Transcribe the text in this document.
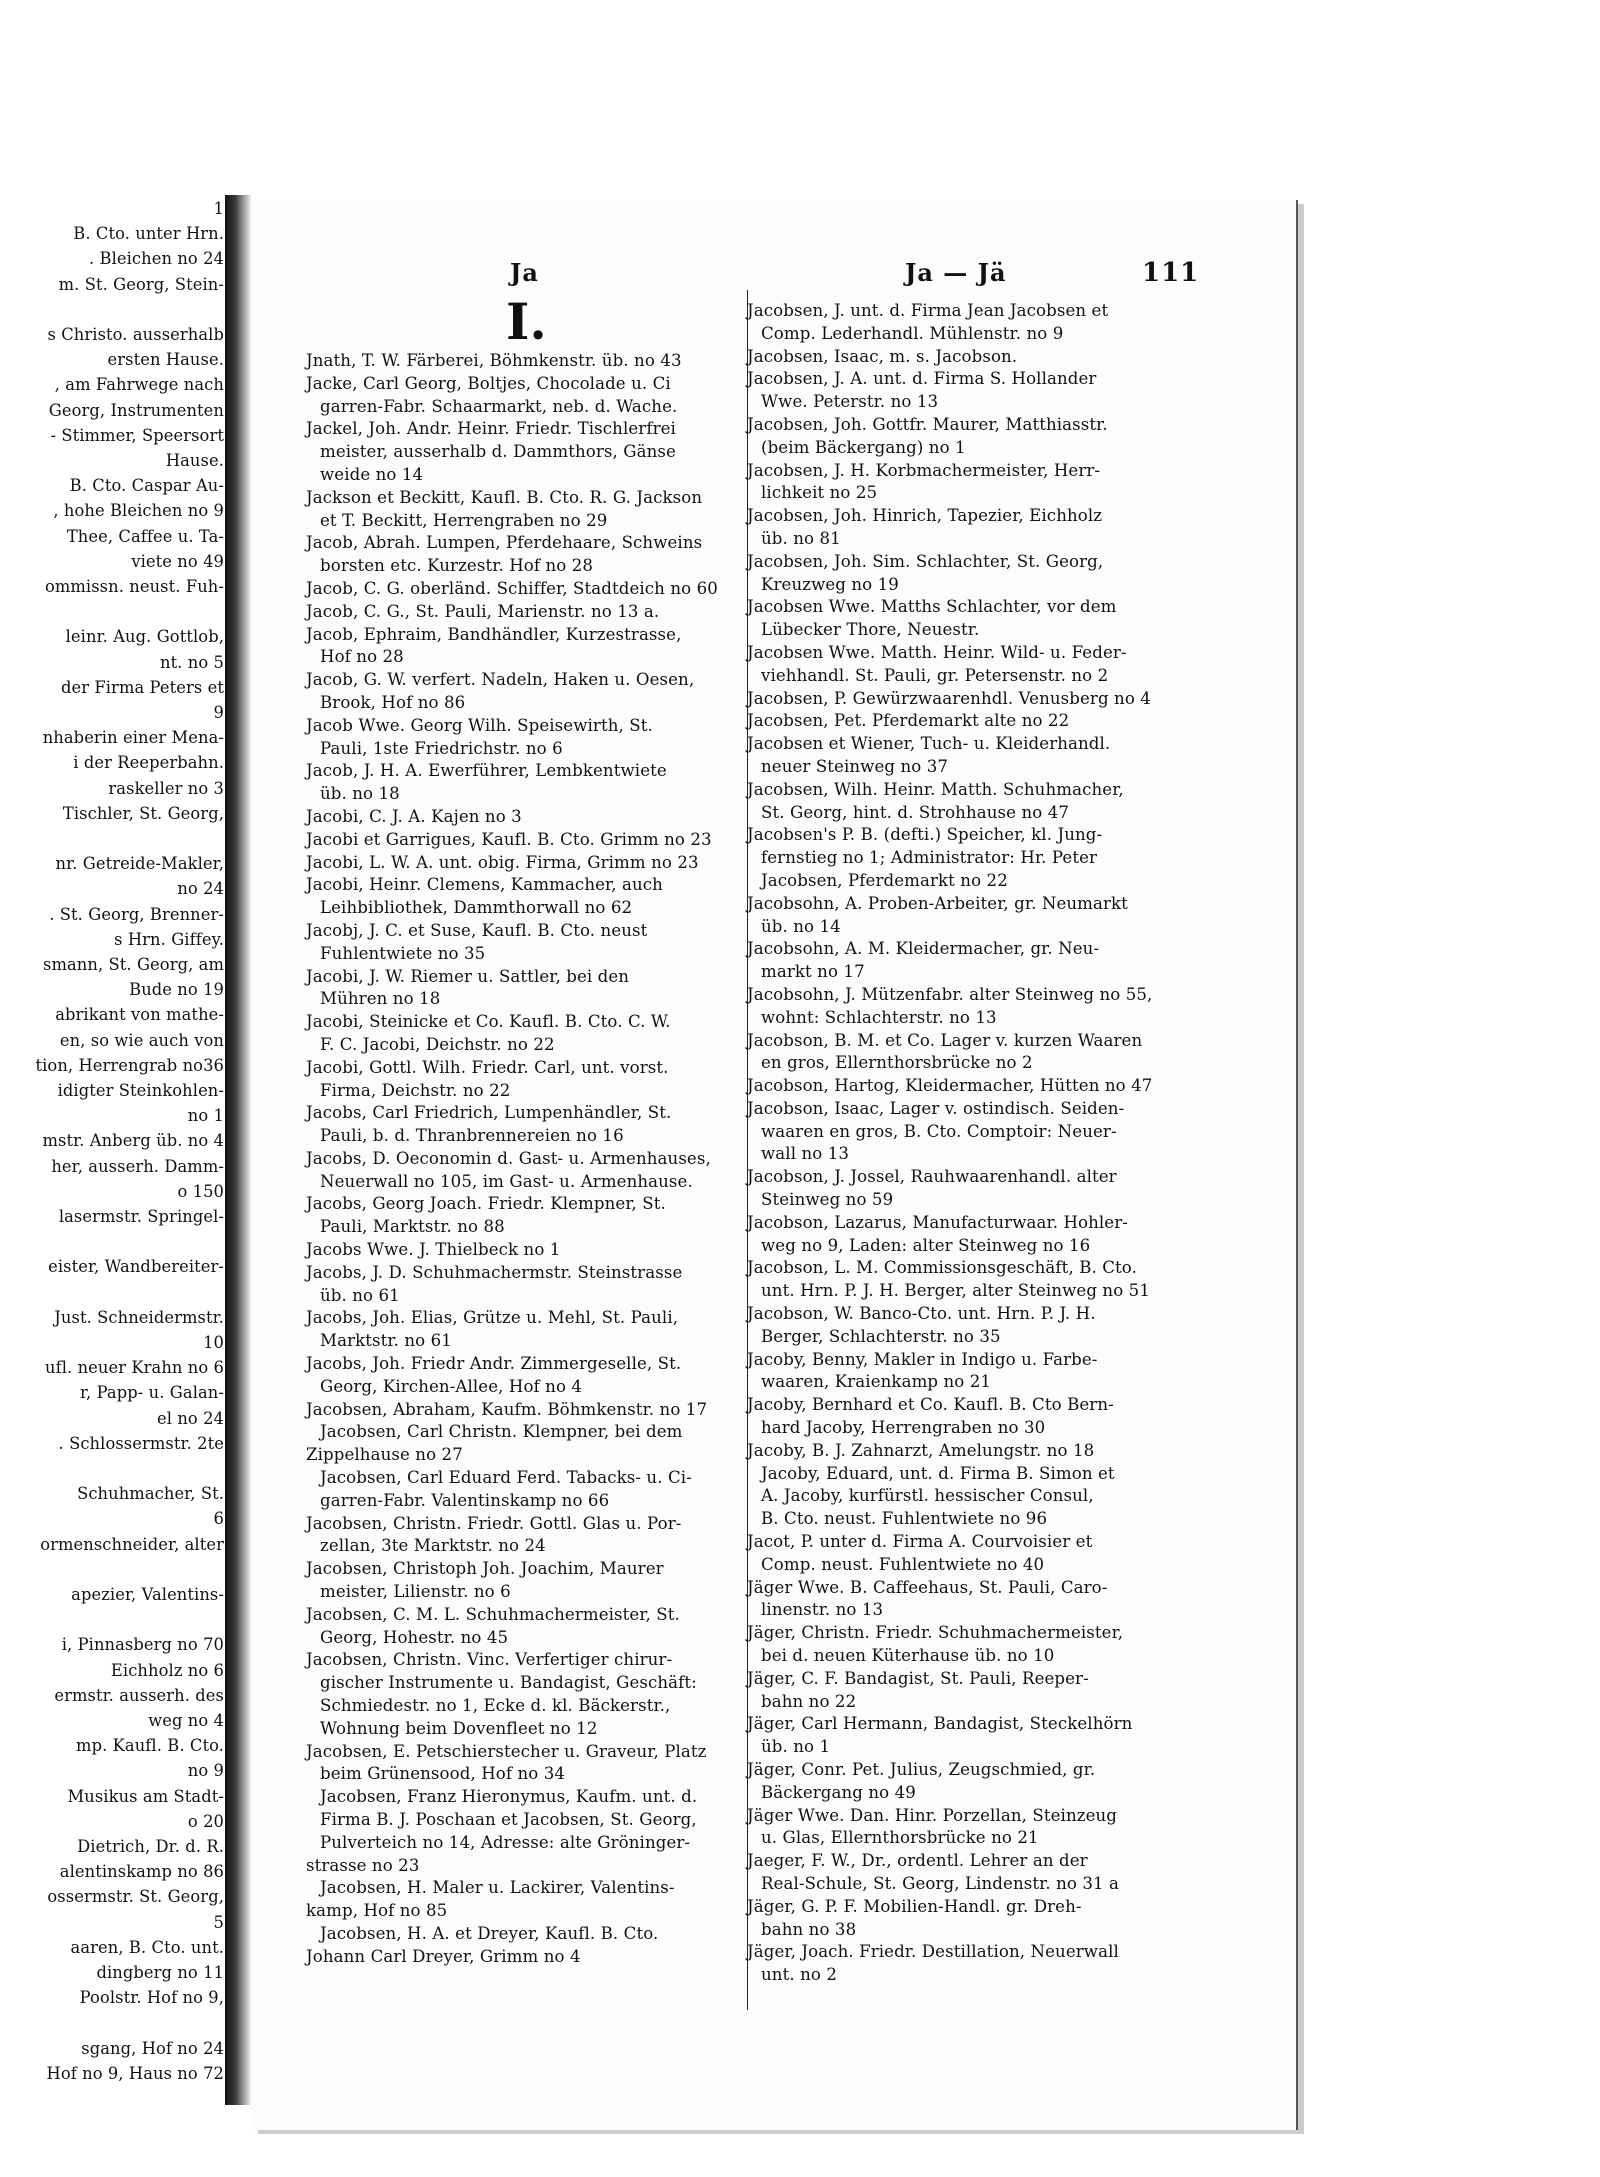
1
B. Cto. unter Hrn.
. Bleichen no 24
m. St. Georg, Stein-
s Christo. ausserhalb
ersten Hause.
, am Fahrwege nach
Georg, Instrumenten
- Stimmer, Speersort
Hause.
B. Cto. Caspar Au-
, hohe Bleichen no 9
Thee, Caffee u. Ta-
viete no 49
ommissn. neust. Fuh-
leinr. Aug. Gottlob,
nt. no 5
der Firma Peters et
9
nhaberin einer Mena-
i der Reeperbahn.
raskeller no 3
Tischler, St. Georg,
nr. Getreide-Makler,
no 24
. St. Georg, Brenner-
s Hrn. Giffey.
smann, St. Georg, am
Bude no 19
abrikant von mathe-
en, so wie auch von
tion, Herrengrab no36
idigter Steinkohlen-
no 1
mstr. Anberg üb. no 4
her, ausserh. Damm-
o 150
lasermstr. Springel-
eister, Wandbereiter-
Just. Schneidermstr.
10
ufl. neuer Krahn no 6
r, Papp- u. Galan-
el no 24
. Schlossermstr. 2te
Schuhmacher, St.
6
ormenschneider, alter
apezier, Valentins-
i, Pinnasberg no 70
Eichholz no 6
ermstr. ausserh. des
weg no 4
mp. Kaufl. B. Cto.
no 9
Musikus am Stadt-
o 20
Dietrich, Dr. d. R.
alentinskamp no 86
ossermstr. St. Georg,
5
aaren, B. Cto. unt.
dingberg no 11
Poolstr. Hof no 9,
sgang, Hof no 24
Hof no 9, Haus no 72
Ja	Ja — Jä	111
I.
Jnath, T. W. Färberei, Böhmkenstr. üb. no 43
Jacke, Carl Georg, Boltjes, Chocolade u. Ci
garren-Fabr. Schaarmarkt, neb. d. Wache.
Jackel, Joh. Andr. Heinr. Friedr. Tischlerfrei
meister, ausserhalb d. Dammthors, Gänse
weide no 14
Jackson et Beckitt, Kaufl. B. Cto. R. G. Jackson
et T. Beckitt, Herrengraben no 29
Jacob, Abrah. Lumpen, Pferdehaare, Schweins
borsten etc. Kurzestr. Hof no 28
Jacob, C. G. oberländ. Schiffer, Stadtdeich no 60
Jacob, C. G., St. Pauli, Marienstr. no 13 a.
Jacob, Ephraim, Bandhändler, Kurzestrasse,
Hof no 28
Jacob, G. W. verfert. Nadeln, Haken u. Oesen,
Brook, Hof no 86
Jacob Wwe. Georg Wilh. Speisewirth, St.
Pauli, 1ste Friedrichstr. no 6
Jacob, J. H. A. Ewerführer, Lembkentwiete
üb. no 18
Jacobi, C. J. A. Kajen no 3
Jacobi et Garrigues, Kaufl. B. Cto. Grimm no 23
Jacobi, L. W. A. unt. obig. Firma, Grimm no 23
Jacobi, Heinr. Clemens, Kammacher, auch
Leihbibliothek, Dammthorwall no 62
Jacobj, J. C. et Suse, Kaufl. B. Cto. neust
Fuhlentwiete no 35
Jacobi, J. W. Riemer u. Sattler, bei den
Mühren no 18
Jacobi, Steinicke et Co. Kaufl. B. Cto. C. W.
F. C. Jacobi, Deichstr. no 22
Jacobi, Gottl. Wilh. Friedr. Carl, unt. vorst.
Firma, Deichstr. no 22
Jacobs, Carl Friedrich, Lumpenhändler, St.
Pauli, b. d. Thranbrennereien no 16
Jacobs, D. Oeconomin d. Gast- u. Armenhauses,
Neuerwall no 105, im Gast- u. Armenhause.
Jacobs, Georg Joach. Friedr. Klempner, St.
Pauli, Marktstr. no 88
Jacobs Wwe. J. Thielbeck no 1
Jacobs, J. D. Schuhmachermstr. Steinstrasse
üb. no 61
Jacobs, Joh. Elias, Grütze u. Mehl, St. Pauli,
Marktstr. no 61
Jacobs, Joh. Friedr Andr. Zimmergeselle, St.
Georg, Kirchen-Allee, Hof no 4
Jacobsen, Abraham, Kaufm. Böhmkenstr. no 17
Jacobsen, Carl Christn. Klempner, bei dem
Zippelhause no 27
Jacobsen, Carl Eduard Ferd. Tabacks- u. Ci-
garren-Fabr. Valentinskamp no 66
Jacobsen, Christn. Friedr. Gottl. Glas u. Por-
zellan, 3te Marktstr. no 24
Jacobsen, Christoph Joh. Joachim, Maurer
meister, Lilienstr. no 6
Jacobsen, C. M. L. Schuhmachermeister, St.
Georg, Hohestr. no 45
Jacobsen, Christn. Vinc. Verfertiger chirur-
gischer Instrumente u. Bandagist, Geschäft:
Schmiedestr. no 1, Ecke d. kl. Bäckerstr.,
Wohnung beim Dovenfleet no 12
Jacobsen, E. Petschierstecher u. Graveur, Platz
beim Grünensood, Hof no 34
Jacobsen, Franz Hieronymus, Kaufm. unt. d.
Firma B. J. Poschaan et Jacobsen, St. Georg,
Pulverteich no 14, Adresse: alte Gröninger-
strasse no 23
Jacobsen, H. Maler u. Lackirer, Valentins-
kamp, Hof no 85
Jacobsen, H. A. et Dreyer, Kaufl. B. Cto.
Johann Carl Dreyer, Grimm no 4
Jacobsen, J. unt. d. Firma Jean Jacobsen et
Comp. Lederhandl. Mühlenstr. no 9
Jacobsen, Isaac, m. s. Jacobson.
Jacobsen, J. A. unt. d. Firma S. Hollander
Wwe. Peterstr. no 13
Jacobsen, Joh. Gottfr. Maurer, Matthiasstr.
(beim Bäckergang) no 1
Jacobsen, J. H. Korbmachermeister, Herr-
lichkeit no 25
Jacobsen, Joh. Hinrich, Tapezier, Eichholz
üb. no 81
Jacobsen, Joh. Sim. Schlachter, St. Georg,
Kreuzweg no 19
Jacobsen Wwe. Matths Schlachter, vor dem
Lübecker Thore, Neuestr.
Jacobsen Wwe. Matth. Heinr. Wild- u. Feder-
viehhandl. St. Pauli, gr. Petersenstr. no 2
Jacobsen, P. Gewürzwaarenhdl. Venusberg no 4
Jacobsen, Pet. Pferdemarkt alte no 22
Jacobsen et Wiener, Tuch- u. Kleiderhandl.
neuer Steinweg no 37
Jacobsen, Wilh. Heinr. Matth. Schuhmacher,
St. Georg, hint. d. Strohhause no 47
Jacobsen's P. B. (defti.) Speicher, kl. Jung-
fernstieg no 1; Administrator: Hr. Peter
Jacobsen, Pferdemarkt no 22
Jacobsohn, A. Proben-Arbeiter, gr. Neumarkt
üb. no 14
Jacobsohn, A. M. Kleidermacher, gr. Neu-
markt no 17
Jacobsohn, J. Mützenfabr. alter Steinweg no 55,
wohnt: Schlachterstr. no 13
Jacobson, B. M. et Co. Lager v. kurzen Waaren
en gros, Ellernthorsbrücke no 2
Jacobson, Hartog, Kleidermacher, Hütten no 47
Jacobson, Isaac, Lager v. ostindisch. Seiden-
waaren en gros, B. Cto. Comptoir: Neuer-
wall no 13
Jacobson, J. Jossel, Rauhwaarenhandl. alter
Steinweg no 59
Jacobson, Lazarus, Manufacturwaar. Hohler-
weg no 9, Laden: alter Steinweg no 16
Jacobson, L. M. Commissionsgeschäft, B. Cto.
unt. Hrn. P. J. H. Berger, alter Steinweg no 51
Jacobson, W. Banco-Cto. unt. Hrn. P. J. H.
Berger, Schlachterstr. no 35
Jacoby, Benny, Makler in Indigo u. Farbe-
waaren, Kraienkamp no 21
Jacoby, Bernhard et Co. Kaufl. B. Cto Bern-
hard Jacoby, Herrengraben no 30
Jacoby, B. J. Zahnarzt, Amelungstr. no 18
Jacoby, Eduard, unt. d. Firma B. Simon et
A. Jacoby, kurfürstl. hessischer Consul,
B. Cto. neust. Fuhlentwiete no 96
Jacot, P. unter d. Firma A. Courvoisier et
Comp. neust. Fuhlentwiete no 40
Jäger Wwe. B. Caffeehaus, St. Pauli, Caro-
linenstr. no 13
Jäger, Christn. Friedr. Schuhmachermeister,
bei d. neuen Küterhause üb. no 10
Jäger, C. F. Bandagist, St. Pauli, Reeper-
bahn no 22
Jäger, Carl Hermann, Bandagist, Steckelhörn
üb. no 1
Jäger, Conr. Pet. Julius, Zeugschmied, gr.
Bäckergang no 49
Jäger Wwe. Dan. Hinr. Porzellan, Steinzeug
u. Glas, Ellernthorsbrücke no 21
Jaeger, F. W., Dr., ordentl. Lehrer an der
Real-Schule, St. Georg, Lindenstr. no 31 a
Jäger, G. P. F. Mobilien-Handl. gr. Dreh-
bahn no 38
Jäger, Joach. Friedr. Destillation, Neuerwall
unt. no 2
